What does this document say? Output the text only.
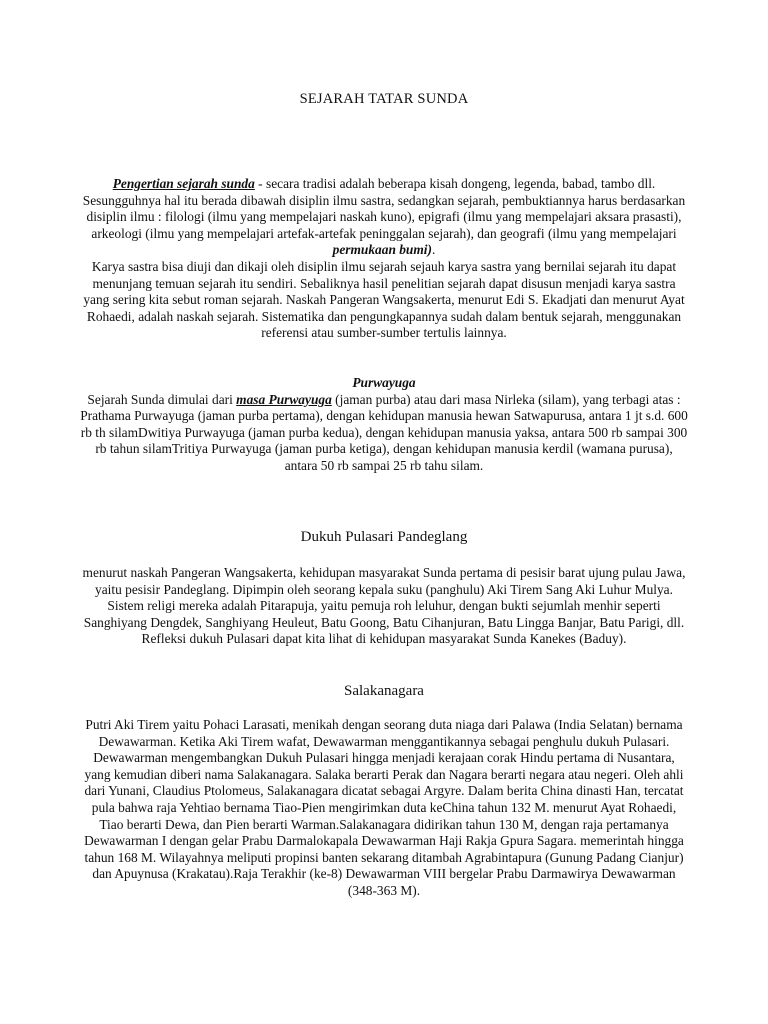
SEJARAH TATAR SUNDA

Pengertian sejarah sunda - secara tradisi adalah beberapa kisah dongeng, legenda, babad, tambo dll. Sesungguhnya hal itu berada dibawah disiplin ilmu sastra, sedangkan sejarah, pembuktiannya harus berdasarkan disiplin ilmu : filologi (ilmu yang mempelajari naskah kuno), epigrafi (ilmu yang mempelajari aksara prasasti), arkeologi (ilmu yang mempelajari artefak-artefak peninggalan sejarah), dan geografi (ilmu yang mempelajari permukaan bumi).

Karya sastra bisa diuji dan dikaji oleh disiplin ilmu sejarah sejauh karya sastra yang bernilai sejarah itu dapat menunjang temuan sejarah itu sendiri. Sebaliknya hasil penelitian sejarah dapat disusun menjadi karya sastra yang sering kita sebut roman sejarah. Naskah Pangeran Wangsakerta, menurut Edi S. Ekadjati dan menurut Ayat Rohaedi, adalah naskah sejarah. Sistematika dan pengungkapannya sudah dalam bentuk sejarah, menggunakan referensi atau sumber-sumber tertulis lainnya.

Purwayuga

Sejarah Sunda dimulai dari masa Purwayuga (jaman purba) atau dari masa Nirleka (silam), yang terbagi atas :

Prathama Purwayuga (jaman purba pertama), dengan kehidupan manusia hewan Satwapurusa, antara 1 jt s.d. 600 rb th silamDwitiya Purwayuga (jaman purba kedua), dengan kehidupan manusia yaksa, antara 500 rb sampai 300 rb tahun silamTritiya Purwayuga (jaman purba ketiga), dengan kehidupan manusia kerdil (wamana purusa), antara 50 rb sampai 25 rb tahu silam.

Dukuh Pulasari Pandeglang

menurut naskah Pangeran Wangsakerta, kehidupan masyarakat Sunda pertama di pesisir barat ujung pulau Jawa, yaitu pesisir Pandeglang. Dipimpin oleh seorang kepala suku (panghulu) Aki Tirem Sang Aki Luhur Mulya. Sistem religi mereka adalah Pitarapuja, yaitu pemuja roh leluhur, dengan bukti sejumlah menhir seperti Sanghiyang Dengdek, Sanghiyang Heuleut, Batu Goong, Batu Cihanjuran, Batu Lingga Banjar, Batu Parigi, dll. Refleksi dukuh Pulasari dapat kita lihat di kehidupan masyarakat Sunda Kanekes (Baduy).

Salakanagara

Putri Aki Tirem yaitu Pohaci Larasati, menikah dengan seorang duta niaga dari Palawa (India Selatan) bernama Dewawarman. Ketika Aki Tirem wafat, Dewawarman menggantikannya sebagai penghulu dukuh Pulasari.

Dewawarman mengembangkan Dukuh Pulasari hingga menjadi kerajaan corak Hindu pertama di Nusantara, yang kemudian diberi nama Salakanagara. Salaka berarti Perak dan Nagara berarti negara atau negeri. Oleh ahli dari Yunani, Claudius Ptolomeus, Salakanagara dicatat sebagai Argyre. Dalam berita China dinasti Han, tercatat pula bahwa raja Yehtiao bernama Tiao-Pien mengirimkan duta keChina tahun 132 M. menurut Ayat Rohaedi, Tiao berarti Dewa, dan Pien berarti Warman.Salakanagara didirikan tahun 130 M, dengan raja pertamanya Dewawarman I dengan gelar Prabu Darmalokapala Dewawarman Haji Rakja Gpura Sagara. memerintah hingga tahun 168 M. Wilayahnya meliputi propinsi banten sekarang ditambah Agrabintapura (Gunung Padang Cianjur) dan Apuynusa (Krakatau).Raja Terakhir (ke-8) Dewawarman VIII bergelar Prabu Darmawirya Dewawarman (348-363 M).
